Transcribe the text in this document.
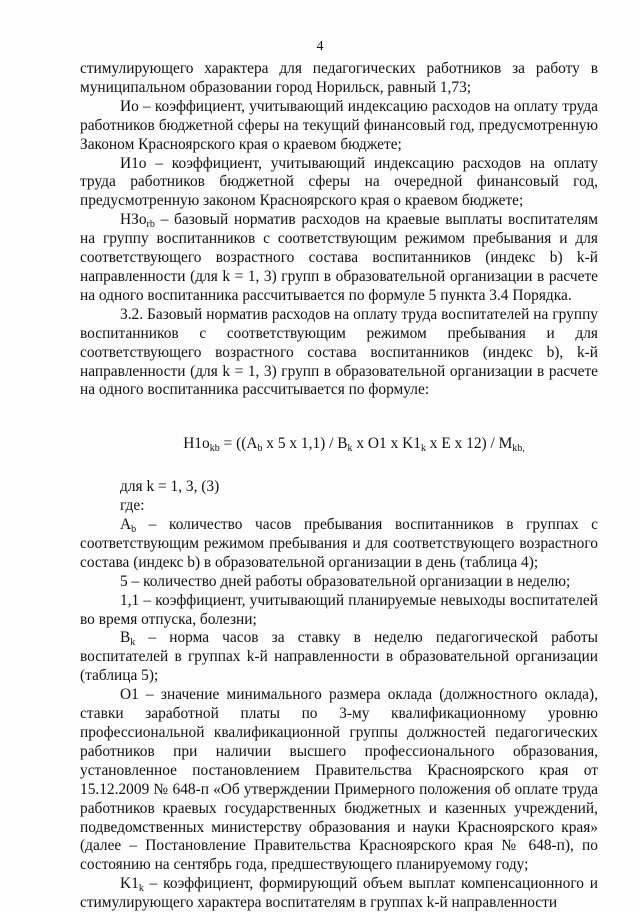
4

стимулирующего характера для педагогических работников за работу в муниципальном образовании город Норильск, равный 1,73;

Ио – коэффициент, учитывающий индексацию расходов на оплату труда работников бюджетной сферы на текущий финансовый год, предусмотренную Законом Красноярского края о краевом бюджете;

И1о – коэффициент, учитывающий индексацию расходов на оплату труда работников бюджетной сферы на очередной финансовый год, предусмотренную законом Красноярского края о краевом бюджете;

НЗо$_{rb}$ – базовый норматив расходов на краевые выплаты воспитателям на группу воспитанников с соответствующим режимом пребывания и для соответствующего возрастного состава воспитанников (индекс b) k-й направленности (для k = 1, 3) групп в образовательной организации в расчете на одного воспитанника рассчитывается по формуле 5 пункта 3.4 Порядка.

3.2. Базовый норматив расходов на оплату труда воспитателей на группу воспитанников с соответствующим режимом пребывания и для соответствующего возрастного состава воспитанников (индекс b), k-й направленности (для k = 1, 3) групп в образовательной организации в расчете на одного воспитанника рассчитывается по формуле:

$Н1о_{kb} = ((A_b$ x 5 x $1,1) / B_k$ x O1 x $K1_k$ x E x $12) / M_{kb,}$

для k = 1, 3, (3)

где:

$A_b$ – количество часов пребывания воспитанников в группах с соответствующим режимом пребывания и для соответствующего возрастного состава (индекс b) в образовательной организации в день (таблица 4);

5 – количество дней работы образовательной организации в неделю;

1,1 – коэффициент, учитывающий планируемые невыходы воспитателей во время отпуска, болезни;

$B_k$ – норма часов за ставку в неделю педагогической работы воспитателей в группах k-й направленности в образовательной организации (таблица 5);

O1 – значение минимального размера оклада (должностного оклада), ставки заработной платы по 3-му квалификационному уровню профессиональной квалификационной группы должностей педагогических работников при наличии высшего профессионального образования, установленное постановлением Правительства Красноярского края от 15.12.2009 № 648-п «Об утверждении Примерного положения об оплате труда работников краевых государственных бюджетных и казенных учреждений, подведомственных министерству образования и науки Красноярского края» (далее – Постановление Правительства Красноярского края № 648-п), по состоянию на сентябрь года, предшествующего планируемому году;

$K1_k$ – коэффициент, формирующий объем выплат компенсационного и стимулирующего характера воспитателям в группах k-й направленности
